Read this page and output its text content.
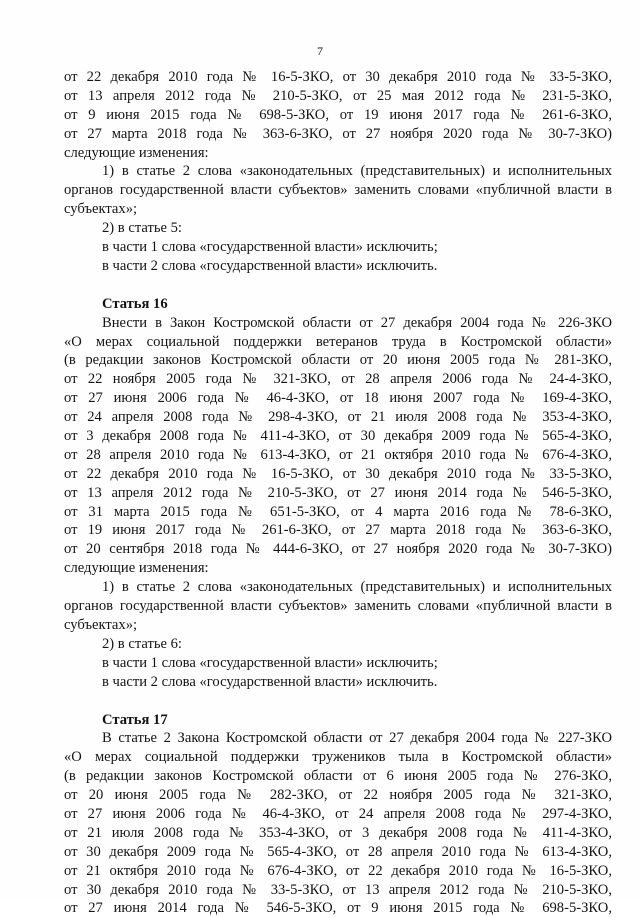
7
от 22 декабря 2010 года № 16-5-ЗКО, от 30 декабря 2010 года № 33-5-ЗКО,
от 13 апреля 2012 года № 210-5-ЗКО, от 25 мая 2012 года № 231-5-ЗКО,
от 9 июня 2015 года № 698-5-ЗКО, от 19 июня 2017 года № 261-6-ЗКО,
от 27 марта 2018 года № 363-6-ЗКО, от 27 ноября 2020 года № 30-7-ЗКО)
следующие изменения:
1) в статье 2 слова «законодательных (представительных) и исполнительных
органов государственной власти субъектов» заменить словами «публичной власти в
субъектах»;
2) в статье 5:
в части 1 слова «государственной власти» исключить;
в части 2 слова «государственной власти» исключить.
Статья 16
Внести в Закон Костромской области от 27 декабря 2004 года № 226-ЗКО
«О мерах социальной поддержки ветеранов труда в Костромской области»
(в редакции законов Костромской области от 20 июня 2005 года № 281-ЗКО,
от 22 ноября 2005 года № 321-ЗКО, от 28 апреля 2006 года № 24-4-ЗКО,
от 27 июня 2006 года № 46-4-ЗКО, от 18 июня 2007 года № 169-4-ЗКО,
от 24 апреля 2008 года № 298-4-ЗКО, от 21 июля 2008 года № 353-4-ЗКО,
от 3 декабря 2008 года № 411-4-ЗКО, от 30 декабря 2009 года № 565-4-ЗКО,
от 28 апреля 2010 года № 613-4-ЗКО, от 21 октября 2010 года № 676-4-ЗКО,
от 22 декабря 2010 года № 16-5-ЗКО, от 30 декабря 2010 года № 33-5-ЗКО,
от 13 апреля 2012 года № 210-5-ЗКО, от 27 июня 2014 года № 546-5-ЗКО,
от 31 марта 2015 года № 651-5-ЗКО, от 4 марта 2016 года № 78-6-ЗКО,
от 19 июня 2017 года № 261-6-ЗКО, от 27 марта 2018 года № 363-6-ЗКО,
от 20 сентября 2018 года № 444-6-ЗКО, от 27 ноября 2020 года № 30-7-ЗКО)
следующие изменения:
1) в статье 2 слова «законодательных (представительных) и исполнительных
органов государственной власти субъектов» заменить словами «публичной власти в
субъектах»;
2) в статье 6:
в части 1 слова «государственной власти» исключить;
в части 2 слова «государственной власти» исключить.
Статья 17
В статье 2 Закона Костромской области от 27 декабря 2004 года № 227-ЗКО
«О мерах социальной поддержки тружеников тыла в Костромской области»
(в редакции законов Костромской области от 6 июня 2005 года № 276-ЗКО,
от 20 июня 2005 года № 282-ЗКО, от 22 ноября 2005 года № 321-ЗКО,
от 27 июня 2006 года № 46-4-ЗКО, от 24 апреля 2008 года № 297-4-ЗКО,
от 21 июля 2008 года № 353-4-ЗКО, от 3 декабря 2008 года № 411-4-ЗКО,
от 30 декабря 2009 года № 565-4-ЗКО, от 28 апреля 2010 года № 613-4-ЗКО,
от 21 октября 2010 года № 676-4-ЗКО, от 22 декабря 2010 года № 16-5-ЗКО,
от 30 декабря 2010 года № 33-5-ЗКО, от 13 апреля 2012 года № 210-5-ЗКО,
от 27 июня 2014 года № 546-5-ЗКО, от 9 июня 2015 года № 698-5-ЗКО,
